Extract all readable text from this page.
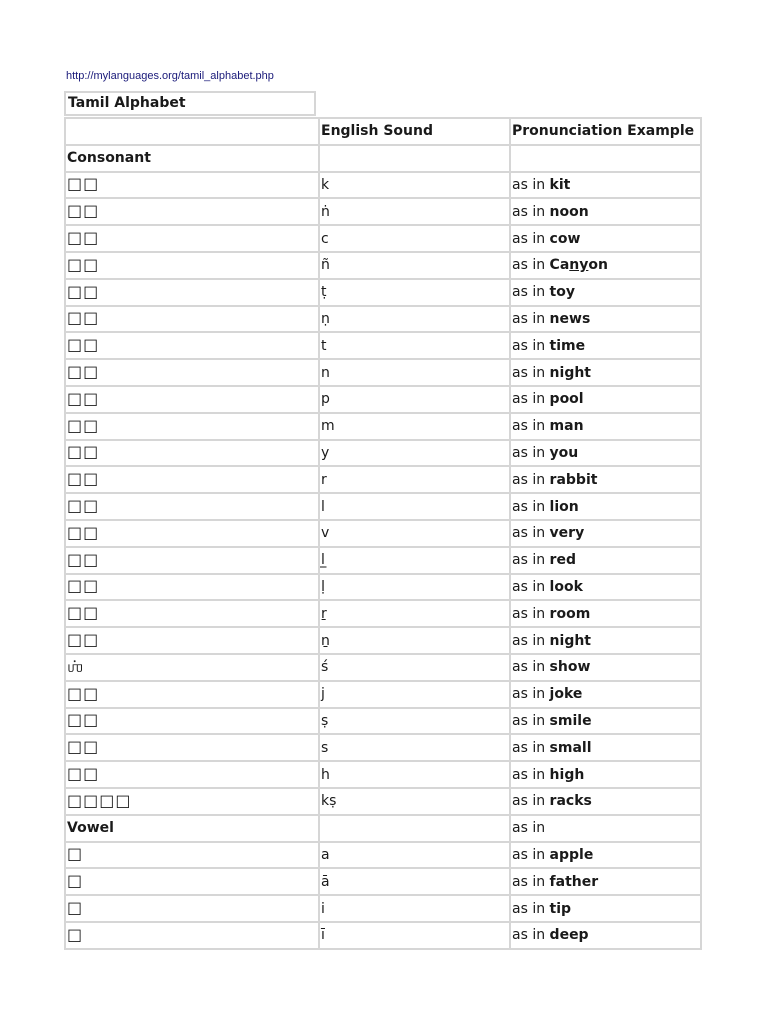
http://mylanguages.org/tamil_alphabet.php
Tamil Alphabet
	English Sound	Pronunciation Example
Consonant		
□□	k	as in kit
□□	ṅ	as in noon
□□	c	as in cow
□□	ñ	as in Canyon
□□	ṭ	as in toy
□□	ṇ	as in news
□□	t	as in time
□□	n	as in night
□□	p	as in pool
□□	m	as in man
□□	y	as in you
□□	r	as in rabbit
□□	l	as in lion
□□	v	as in very
□□	l̲	as in red
□□	ḷ	as in look
□□	ṟ	as in room
□□	ṉ	as in night
ஶ்	ś	as in show
□□	j	as in joke
□□	ṣ	as in smile
□□	s	as in small
□□	h	as in high
□□□□	kṣ	as in racks
Vowel		as in
□	a	as in apple
□	ā	as in father
□	i	as in tip
□	ī	as in deep
